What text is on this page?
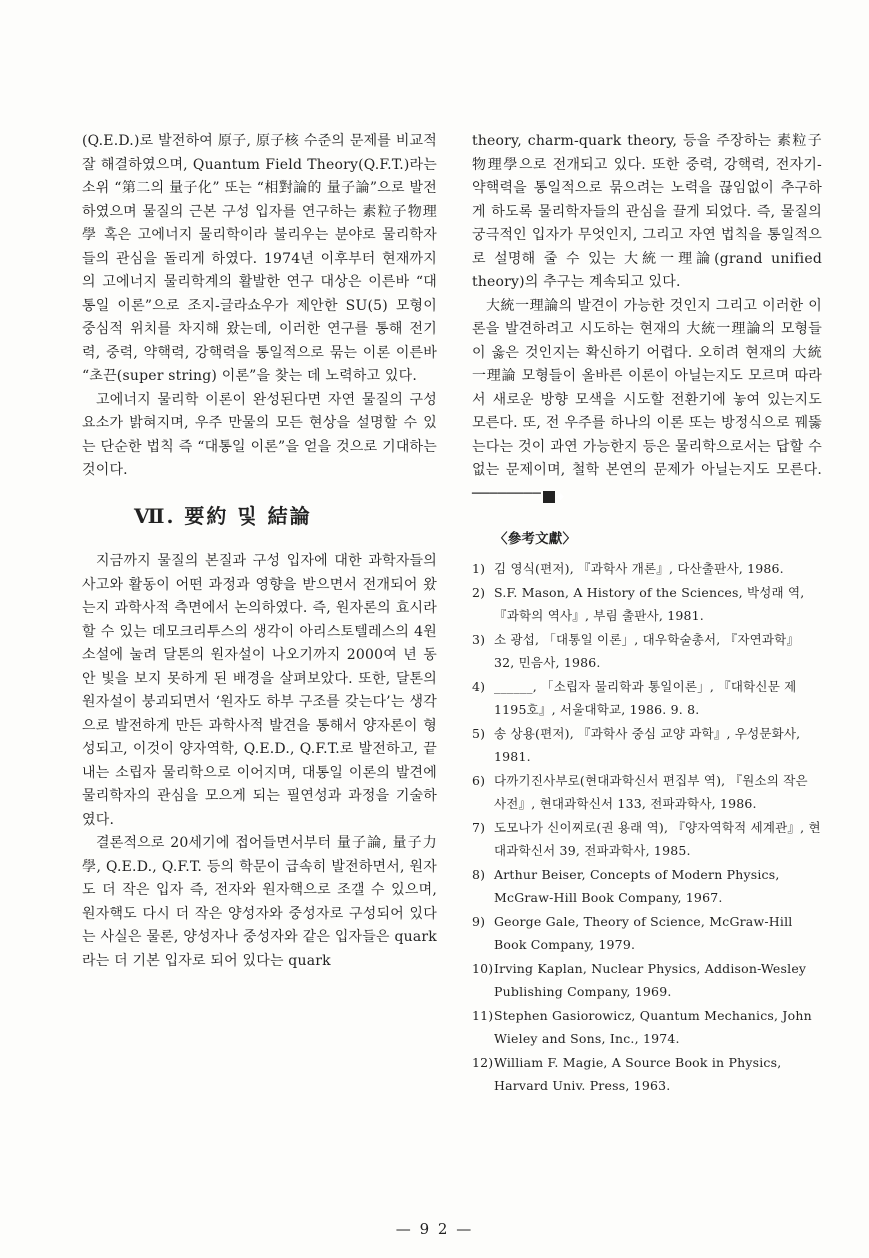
(Q.E.D.)로 발전하여 原子, 原子核 수준의 문제를 비교적 잘 해결하였으며, Quantum Field Theory(Q.F.T.)라는 소위 “第二의 量子化” 또는 “相對論的 量子論”으로 발전하였으며 물질의 근본 구성 입자를 연구하는 素粒子物理學 혹은 고에너지 물리학이라 불리우는 분야로 물리학자들의 관심을 돌리게 하였다. 1974년 이후부터 현재까지의 고에너지 물리학계의 활발한 연구 대상은 이른바 “대통일 이론”으로 조지-글라쇼우가 제안한 SU(5) 모형이 중심적 위치를 차지해 왔는데, 이러한 연구를 통해 전기력, 중력, 약핵력, 강핵력을 통일적으로 묶는 이론 이른바 “초끈(super string) 이론”을 찾는 데 노력하고 있다.

고에너지 물리학 이론이 완성된다면 자연 물질의 구성 요소가 밝혀지며, 우주 만물의 모든 현상을 설명할 수 있는 단순한 법칙 즉 “대통일 이론”을 얻을 것으로 기대하는 것이다.

Ⅶ. 要約 및 結論

지금까지 물질의 본질과 구성 입자에 대한 과학자들의 사고와 활동이 어떤 과정과 영향을 받으면서 전개되어 왔는지 과학사적 측면에서 논의하였다. 즉, 원자론의 효시라 할 수 있는 데모크리투스의 생각이 아리스토텔레스의 4원소설에 눌려 달톤의 원자설이 나오기까지 2000여 년 동안 빛을 보지 못하게 된 배경을 살펴보았다. 또한, 달톤의 원자설이 붕괴되면서 ‘원자도 하부 구조를 갖는다’는 생각으로 발전하게 만든 과학사적 발견을 통해서 양자론이 형성되고, 이것이 양자역학, Q.E.D., Q.F.T.로 발전하고, 끝내는 소립자 물리학으로 이어지며, 대통일 이론의 발견에 물리학자의 관심을 모으게 되는 필연성과 과정을 기술하였다.

결론적으로 20세기에 접어들면서부터 量子論, 量子力學, Q.E.D., Q.F.T. 등의 학문이 급속히 발전하면서, 원자도 더 작은 입자 즉, 전자와 원자핵으로 조갤 수 있으며, 원자핵도 다시 더 작은 양성자와 중성자로 구성되어 있다는 사실은 물론, 양성자나 중성자와 같은 입자들은 quark라는 더 기본 입자로 되어 있다는 quark

theory, charm-quark theory, 등을 주장하는 素粒子物理學으로 전개되고 있다. 또한 중력, 강핵력, 전자기-약핵력을 통일적으로 묶으려는 노력을 끊임없이 추구하게 하도록 물리학자들의 관심을 끌게 되었다. 즉, 물질의 궁극적인 입자가 무엇인지, 그리고 자연 법칙을 통일적으로 설명해 줄 수 있는 大統一理論(grand unified theory)의 추구는 계속되고 있다.

大統一理論의 발견이 가능한 것인지 그리고 이러한 이론을 발견하려고 시도하는 현재의 大統一理論의 모형들이 옳은 것인지는 확신하기 어렵다. 오히려 현재의 大統一理論 모형들이 올바른 이론이 아닐는지도 모르며 따라서 새로운 방향 모색을 시도할 전환기에 놓여 있는지도 모른다. 또, 전 우주를 하나의 이론 또는 방정식으로 꿰뚫는다는 것이 과연 가능한지 등은 물리학으로서는 답할 수 없는 문제이며, 철학 본연의 문제가 아닐는지도 모른다. ──────── ◆

〈參考文獻〉
1) 김 영식(편저), 『과학사 개론』, 다산출판사, 1986.
2) S.F. Mason, A History of the Sciences, 박성래 역, 『과학의 역사』, 부림 출판사, 1981.
3) 소 광섭, 「대통일 이론」, 대우학술총서, 『자연과학』 32, 민음사, 1986.
4) ______, 「소립자 물리학과 통일이론」, 『대학신문 제1195호』, 서울대학교, 1986. 9. 8.
5) 송 상용(편저), 『과학사 중심 교양 과학』, 우성문화사, 1981.
6) 다까기진사부로(현대과학신서 편집부 역), 『원소의 작은 사전』, 현대과학신서 133, 전파과학사, 1986.
7) 도모나가 신이찌로(권 용래 역), 『양자역학적 세계관』, 현대과학신서 39, 전파과학사, 1985.
8) Arthur Beiser, Concepts of Modern Physics, McGraw-Hill Book Company, 1967.
9) George Gale, Theory of Science, McGraw-Hill Book Company, 1979.
10) Irving Kaplan, Nuclear Physics, Addison-Wesley Publishing Company, 1969.
11) Stephen Gasiorowicz, Quantum Mechanics, John Wieley and Sons, Inc., 1974.
12) William F. Magie, A Source Book in Physics, Harvard Univ. Press, 1963.
— 9 2 —
